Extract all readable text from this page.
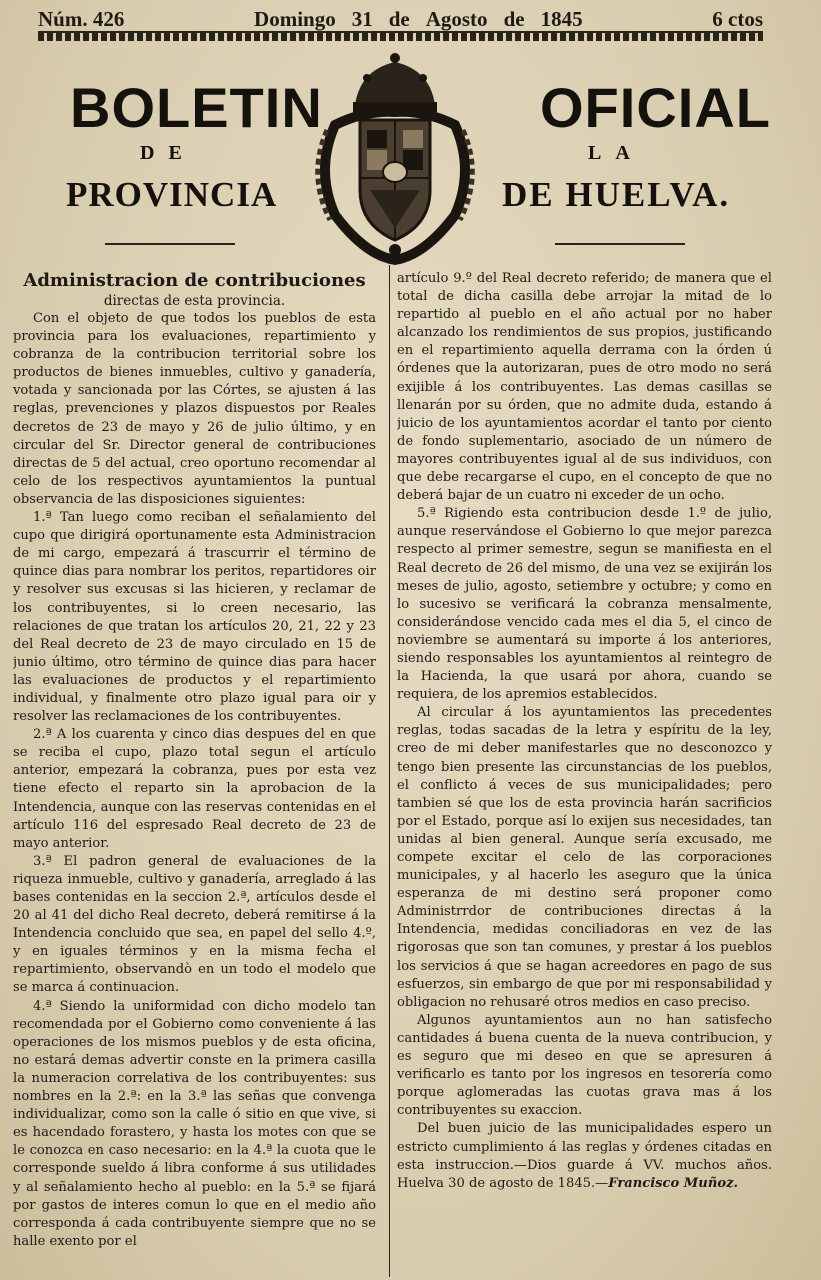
Núm. 426	Domingo 31 de Agosto de 1845	6 ctos
BOLETIN	OFICIAL
DE	LA
PROVINCIA	DE HUELVA.

Administracion de contribuciones

directas de esta provincia.

Con el objeto de que todos los pueblos de esta provincia para los evaluaciones, repartimiento y cobranza de la contribucion territorial sobre los productos de bienes inmuebles, cultivo y ganadería, votada y sancionada por las Córtes, se ajusten á las reglas, prevenciones y plazos dispuestos por Reales decretos de 23 de mayo y 26 de julio último, y en circular del Sr. Director general de contribuciones directas de 5 del actual, creo oportuno recomendar al celo de los respectivos ayuntamientos la puntual observancia de las disposiciones siguientes:

1.ª Tan luego como reciban el señalamiento del cupo que dirigirá oportunamente esta Administracion de mi cargo, empezará á trascurrir el término de quince dias para nombrar los peritos, repartidores oir y resolver sus excusas si las hicieren, y reclamar de los contribuyentes, si lo creen necesario, las relaciones de que tratan los artículos 20, 21, 22 y 23 del Real decreto de 23 de mayo circulado en 15 de junio último, otro término de quince dias para hacer las evaluaciones de productos y el repartimiento individual, y finalmente otro plazo igual para oir y resolver las reclamaciones de los contribuyentes.

2.ª A los cuarenta y cinco dias despues del en que se reciba el cupo, plazo total segun el artículo anterior, empezará la cobranza, pues por esta vez tiene efecto el reparto sin la aprobacion de la Intendencia, aunque con las reservas contenidas en el artículo 116 del espresado Real decreto de 23 de mayo anterior.

3.ª El padron general de evaluaciones de la riqueza inmueble, cultivo y ganadería, arreglado á las bases contenidas en la seccion 2.ª, artículos desde el 20 al 41 del dicho Real decreto, deberá remitirse á la Intendencia concluido que sea, en papel del sello 4.º, y en iguales términos y en la misma fecha el repartimiento, observandò en un todo el modelo que se marca á continuacion.

4.ª Siendo la uniformidad con dicho modelo tan recomendada por el Gobierno como conveniente á las operaciones de los mismos pueblos y de esta oficina, no estará demas advertir conste en la primera casilla la numeracion correlativa de los contribuyentes: sus nombres en la 2.ª: en la 3.ª las señas que convenga individualizar, como son la calle ó sitio en que vive, si es hacendado forastero, y hasta los motes con que se le conozca en caso necesario: en la 4.ª la cuota que le corresponde sueldo á libra conforme á sus utilidades y al señalamiento hecho al pueblo: en la 5.ª se fijará por gastos de interes comun lo que en el medio año corresponda á cada contribuyente siempre que no se halle exento por el

artículo 9.º del Real decreto referido; de manera que el total de dicha casilla debe arrojar la mitad de lo repartido al pueblo en el año actual por no haber alcanzado los rendimientos de sus propios, justificando en el repartimiento aquella derrama con la órden ú órdenes que la autorizaran, pues de otro modo no será exijible á los contribuyentes. Las demas casillas se llenarán por su órden, que no admite duda, estando á juicio de los ayuntamientos acordar el tanto por ciento de fondo suplementario, asociado de un número de mayores contribuyentes igual al de sus individuos, con que debe recargarse el cupo, en el concepto de que no deberá bajar de un cuatro ni exceder de un ocho.

5.ª Rigiendo esta contribucion desde 1.º de julio, aunque reservándose el Gobierno lo que mejor parezca respecto al primer semestre, segun se manifiesta en el Real decreto de 26 del mismo, de una vez se exijirán los meses de julio, agosto, setiembre y octubre; y como en lo sucesivo se verificará la cobranza mensalmente, considerándose vencido cada mes el dia 5, el cinco de noviembre se aumentará su importe á los anteriores, siendo responsables los ayuntamientos al reintegro de la Hacienda, la que usará por ahora, cuando se requiera, de los apremios establecidos.

Al circular á los ayuntamientos las precedentes reglas, todas sacadas de la letra y espíritu de la ley, creo de mi deber manifestarles que no desconozco y tengo bien presente las circunstancias de los pueblos, el conflicto á veces de sus municipalidades; pero tambien sé que los de esta provincia harán sacrificios por el Estado, porque así lo exijen sus necesidades, tan unidas al bien general. Aunque sería excusado, me compete excitar el celo de las corporaciones municipales, y al hacerlo les aseguro que la única esperanza de mi destino será proponer como Administrrdor de contribuciones directas á la Intendencia, medidas conciliadoras en vez de las rigorosas que son tan comunes, y prestar á los pueblos los servicios á que se hagan acreedores en pago de sus esfuerzos, sin embargo de que por mi responsabilidad y obligacion no rehusaré otros medios en caso preciso.

Algunos ayuntamientos aun no han satisfecho cantidades á buena cuenta de la nueva contribucion, y es seguro que mi deseo en que se apresuren á verificarlo es tanto por los ingresos en tesorería como porque aglomeradas las cuotas grava mas á los contribuyentes su exaccion.

Del buen juicio de las municipalidades espero un estricto cumplimiento á las reglas y órdenes citadas en esta instruccion.—Dios guarde á VV. muchos años. Huelva 30 de agosto de 1845.—Francisco Muñoz.
